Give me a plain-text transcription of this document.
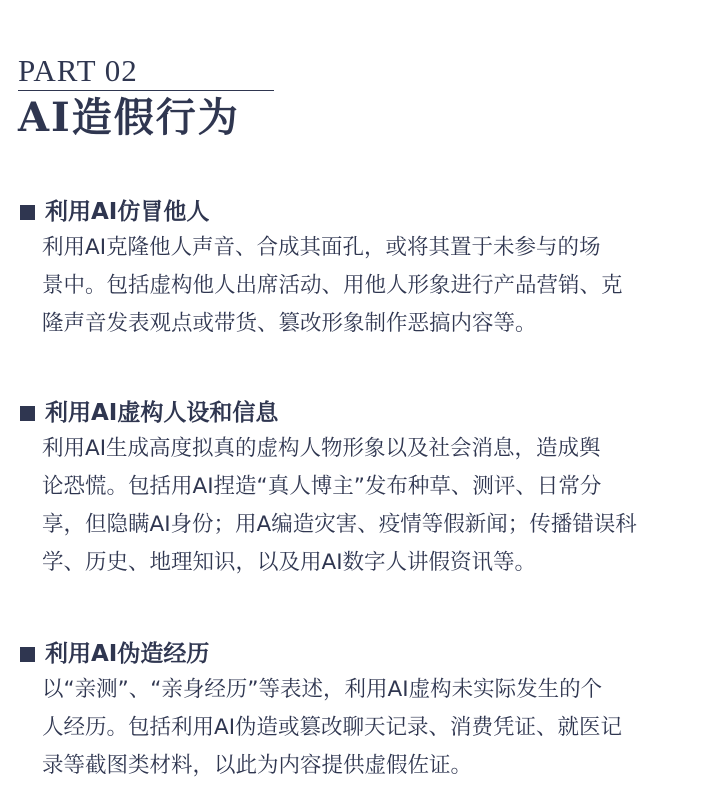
PART 02
AI造假行为
利用AI仿冒他人
利用AI克隆他人声音、合成其面孔，或将其置于未参与的场
景中。包括虚构他人出席活动、用他人形象进行产品营销、克
隆声音发表观点或带货、篡改形象制作恶搞内容等。
利用AI虚构人设和信息
利用AI生成高度拟真的虚构人物形象以及社会消息，造成舆
论恐慌。包括用AI捏造“真人博主”发布种草、测评、日常分
享，但隐瞒AI身份；用A编造灾害、疫情等假新闻；传播错误科
学、历史、地理知识，以及用AI数字人讲假资讯等。
利用AI伪造经历
以“亲测”、“亲身经历”等表述，利用AI虚构未实际发生的个
人经历。包括利用AI伪造或篡改聊天记录、消费凭证、就医记
录等截图类材料，以此为内容提供虚假佐证。
